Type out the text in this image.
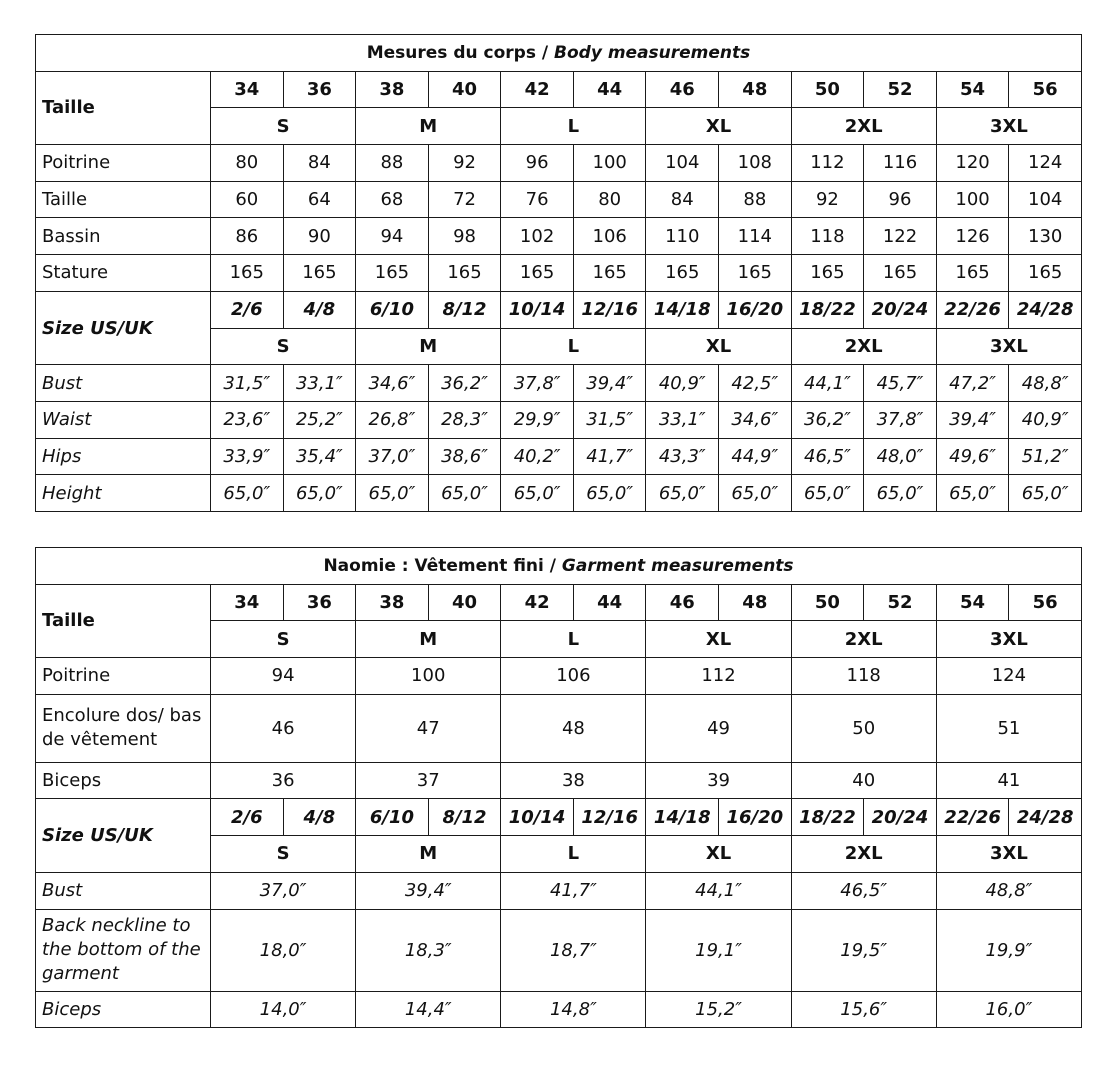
Mesures du corps / Body measurements												
Taille	34	36	38	40	42	44	46	48	50	52	54	56
	S		M		L		XL		2XL		3XL	
Poitrine	80	84	88	92	96	100	104	108	112	116	120	124
Taille	60	64	68	72	76	80	84	88	92	96	100	104
Bassin	86	90	94	98	102	106	110	114	118	122	126	130
Stature	165	165	165	165	165	165	165	165	165	165	165	165
Size US/UK	2/6	4/8	6/10	8/12	10/14	12/16	14/18	16/20	18/22	20/24	22/26	24/28
	S		M		L		XL		2XL		3XL	
Bust	31,5″	33,1″	34,6″	36,2″	37,8″	39,4″	40,9″	42,5″	44,1″	45,7″	47,2″	48,8″
Waist	23,6″	25,2″	26,8″	28,3″	29,9″	31,5″	33,1″	34,6″	36,2″	37,8″	39,4″	40,9″
Hips	33,9″	35,4″	37,0″	38,6″	40,2″	41,7″	43,3″	44,9″	46,5″	48,0″	49,6″	51,2″
Height	65,0″	65,0″	65,0″	65,0″	65,0″	65,0″	65,0″	65,0″	65,0″	65,0″	65,0″	65,0″
Naomie : Vêtement fini / Garment measurements												
Taille	34	36	38	40	42	44	46	48	50	52	54	56
	S		M		L		XL		2XL		3XL	
Poitrine	94		100		106		112		118		124	
Encolure dos/ bas de vêtement	46		47		48		49		50		51	
Biceps	36		37		38		39		40		41	
Size US/UK	2/6	4/8	6/10	8/12	10/14	12/16	14/18	16/20	18/22	20/24	22/26	24/28
	S		M		L		XL		2XL		3XL	
Bust	37,0″		39,4″		41,7″		44,1″		46,5″		48,8″	
Back neckline to the bottom of the garment	18,0″		18,3″		18,7″		19,1″		19,5″		19,9″	
Biceps	14,0″		14,4″		14,8″		15,2″		15,6″		16,0″	
